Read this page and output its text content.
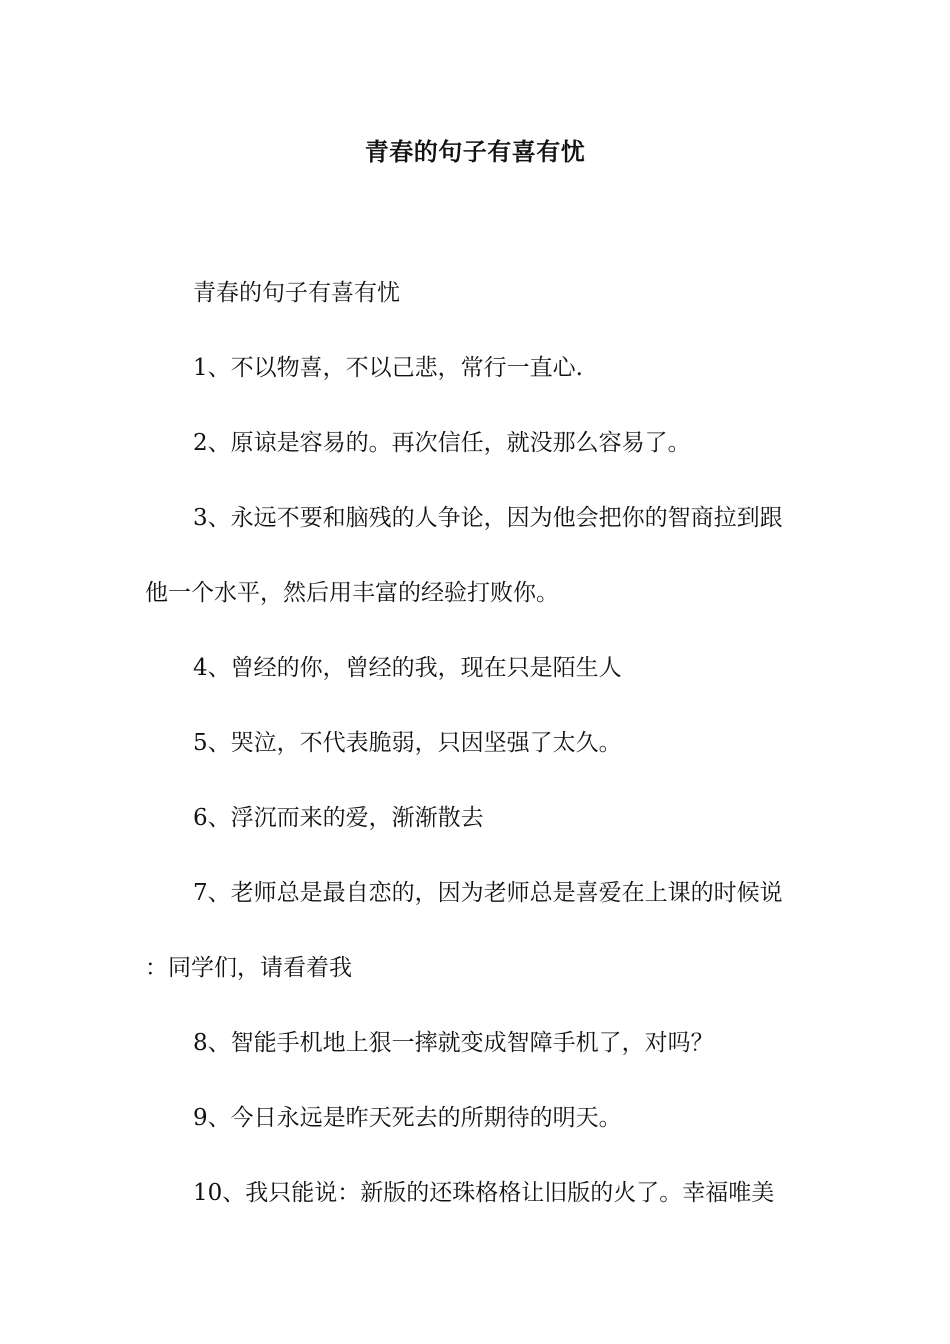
青春的句子有喜有忧
青春的句子有喜有忧
1、不以物喜，不以己悲，常行一直心.
2、原谅是容易的。再次信任，就没那么容易了。
3、永远不要和脑残的人争论，因为他会把你的智商拉到跟
他一个水平，然后用丰富的经验打败你。
4、曾经的你，曾经的我，现在只是陌生人
5、哭泣，不代表脆弱，只因坚强了太久。
6、浮沉而来的爱，渐渐散去
7、老师总是最自恋的，因为老师总是喜爱在上课的时候说
：同学们，请看着我
8、智能手机地上狠一摔就变成智障手机了，对吗？
9、今日永远是昨天死去的所期待的明天。
10、我只能说：新版的还珠格格让旧版的火了。幸福唯美
